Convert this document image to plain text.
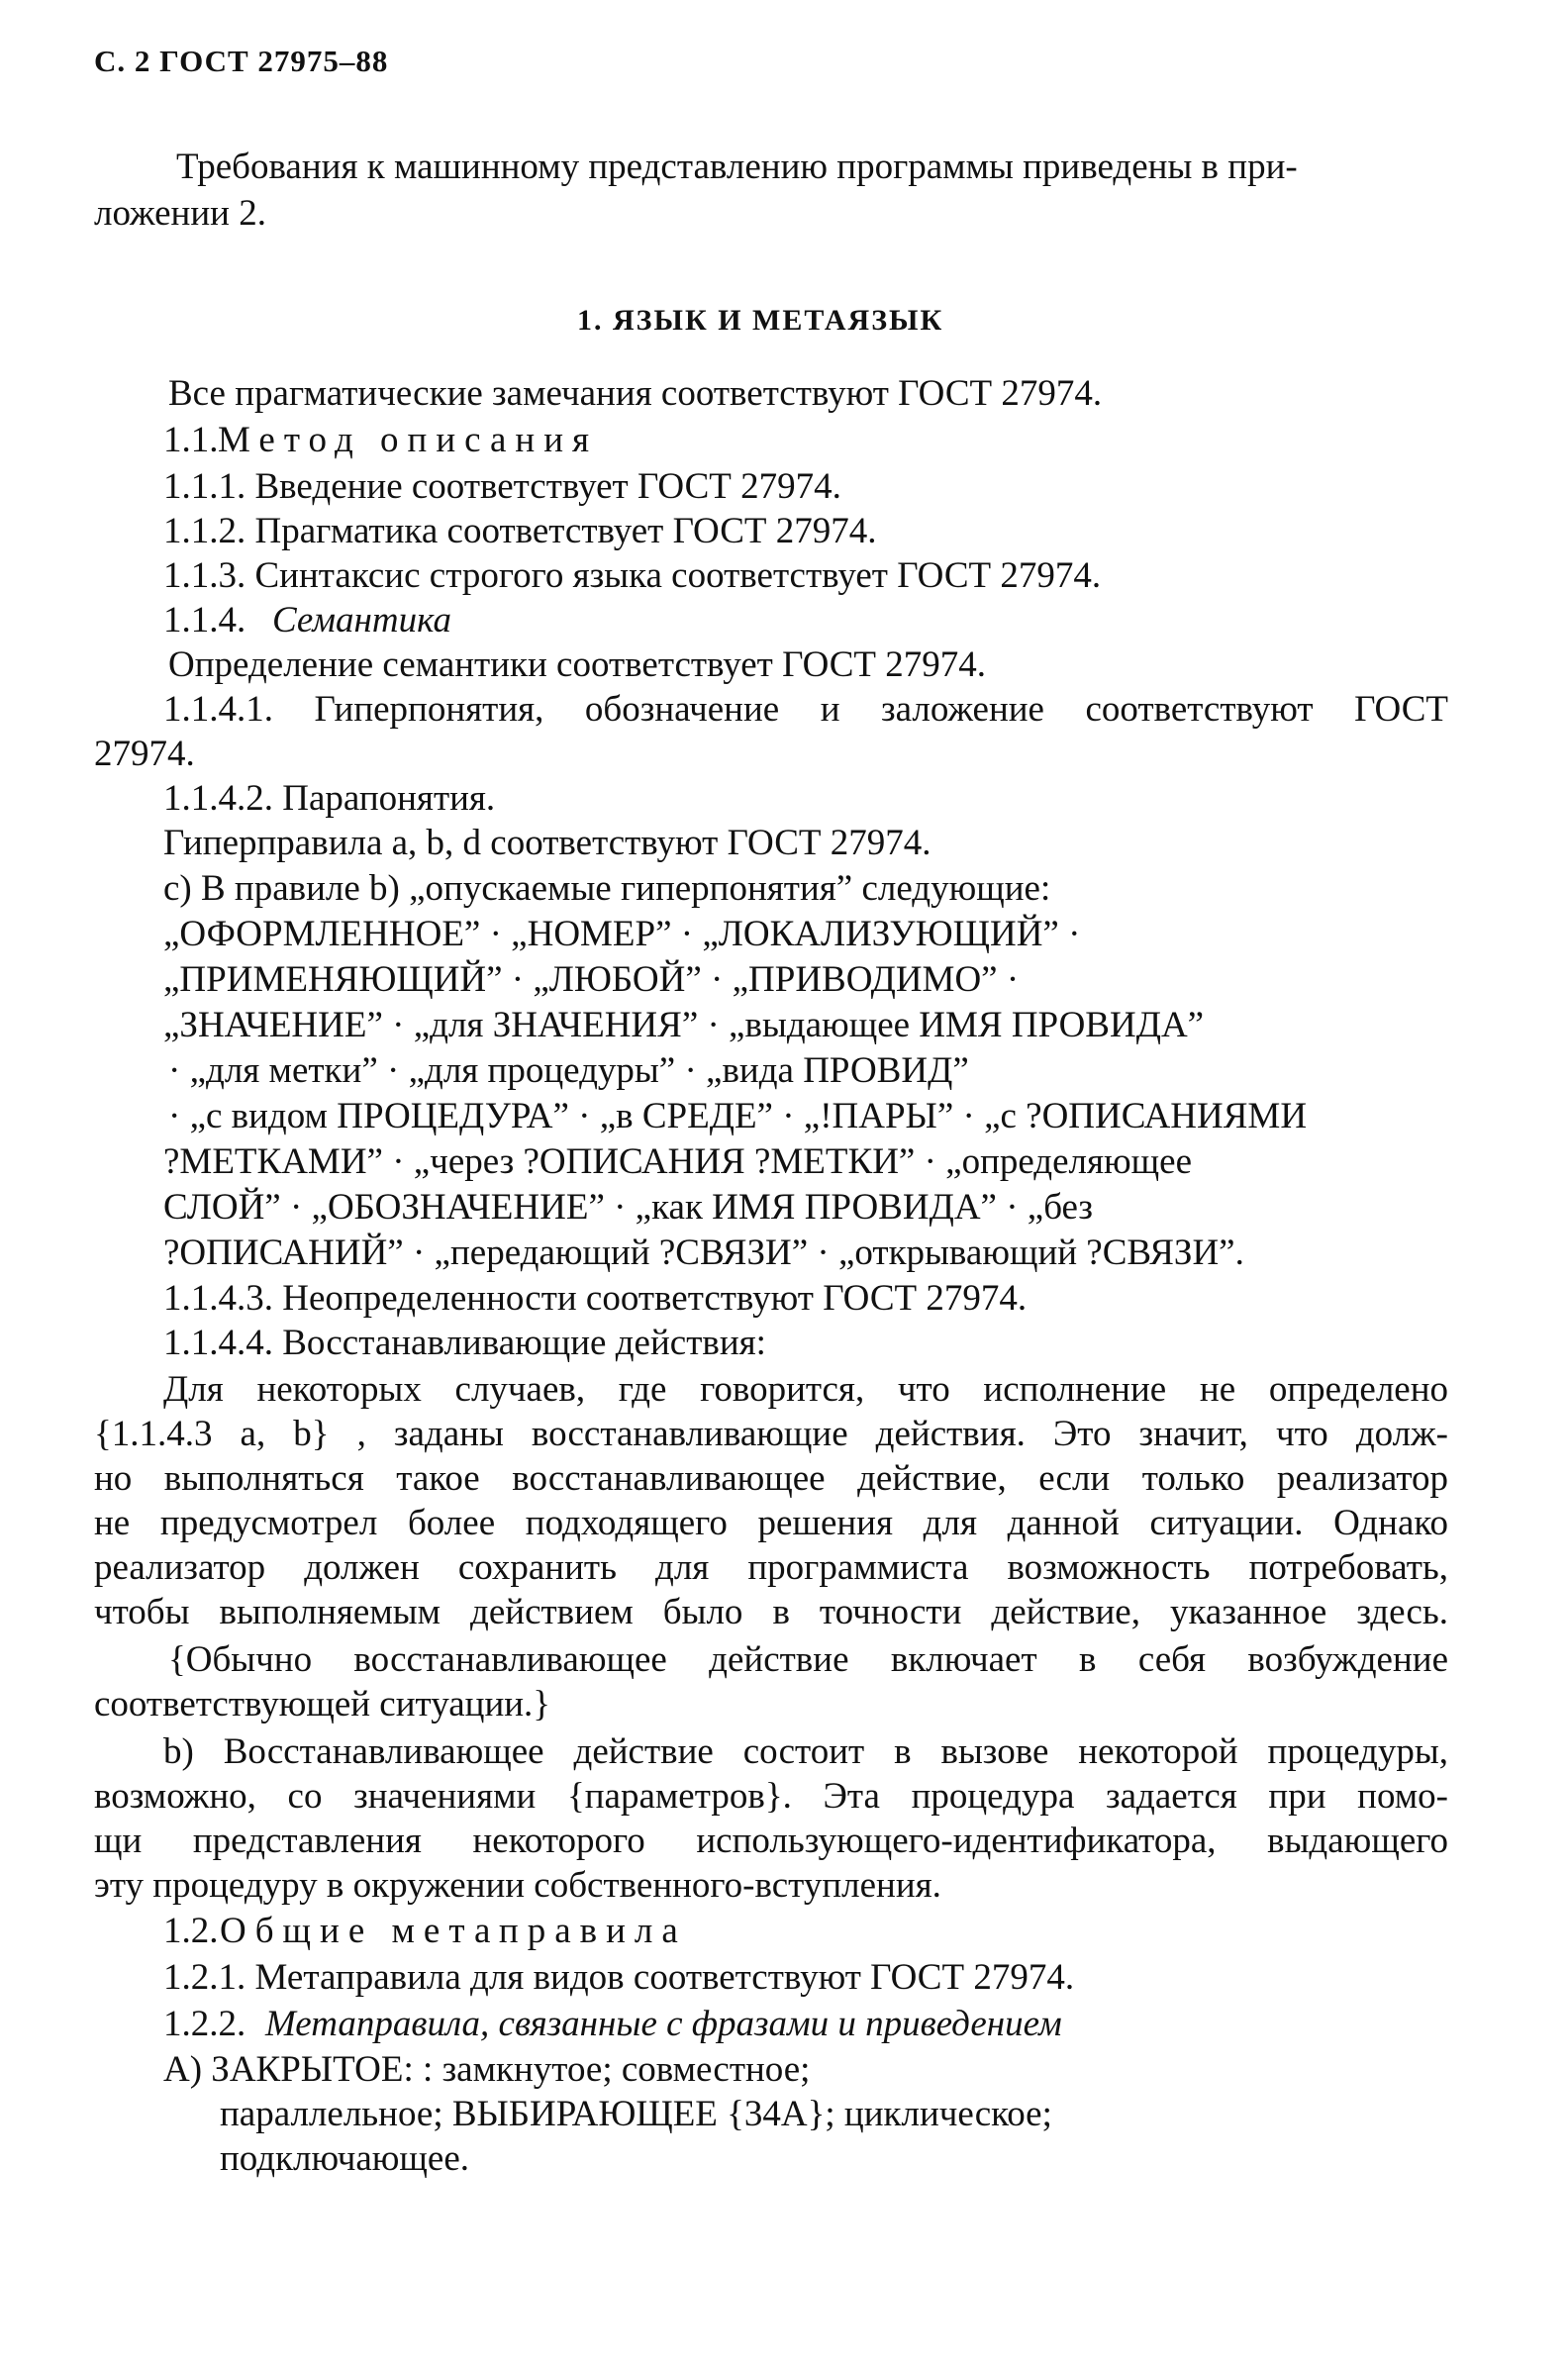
С. 2 ГОСТ 27975–88
Требования к машинному представлению программы приведены в при-
ложении 2.
1. ЯЗЫК И МЕТАЯЗЫК
Все прагматические замечания соответствуют ГОСТ 27974.
1.1. Метод описания
1.1.1. Введение соответствует ГОСТ 27974.
1.1.2. Прагматика соответствует ГОСТ 27974.
1.1.3. Синтаксис строгого языка соответствует ГОСТ 27974.
1.1.4. Семантика
Определение семантики соответствует ГОСТ 27974.
1.1.4.1. Гиперпонятия, обозначение и заложение соответствуют ГОСТ
27974.
1.1.4.2. Парапонятия.
Гиперправила a, b, d соответствуют ГОСТ 27974.
c) В правиле b) „опускаемые гиперпонятия” следующие:
„ОФОРМЛЕННОЕ” · „НОМЕР” · „ЛОКАЛИЗУЮЩИЙ” ·
„ПРИМЕНЯЮЩИЙ” · „ЛЮБОЙ” · „ПРИВОДИМО” ·
„ЗНАЧЕНИЕ” · „для ЗНАЧЕНИЯ” · „выдающее ИМЯ ПРОВИДА”
· „для метки” · „для процедуры” · „вида ПРОВИД”
· „с видом ПРОЦЕДУРА” · „в СРЕДЕ” · „!ПАРЫ” · „с ?ОПИСАНИЯМИ
?МЕТКАМИ” · „через ?ОПИСАНИЯ ?МЕТКИ” · „определяющее
СЛОЙ” · „ОБОЗНАЧЕНИЕ” · „как ИМЯ ПРОВИДА” · „без
?ОПИСАНИЙ” · „передающий ?СВЯЗИ” · „открывающий ?СВЯЗИ”.
1.1.4.3. Неопределенности соответствуют ГОСТ 27974.
1.1.4.4. Восстанавливающие действия:
Для некоторых случаев, где говорится, что исполнение не определено
{1.1.4.3 a, b} , заданы восстанавливающие действия. Это значит, что долж-
но выполняться такое восстанавливающее действие, если только реализатор
не предусмотрел более подходящего решения для данной ситуации. Однако
реализатор должен сохранить для программиста возможность потребовать,
чтобы выполняемым действием было в точности действие, указанное здесь.
{Обычно восстанавливающее действие включает в себя возбуждение
соответствующей ситуации.}
b) Восстанавливающее действие состоит в вызове некоторой процедуры,
возможно, со значениями {параметров}. Эта процедура задается при помо-
щи представления некоторого использующего-идентификатора, выдающего
эту процедуру в окружении собственного-вступления.
1.2. Общие метаправила
1.2.1. Метаправила для видов соответствуют ГОСТ 27974.
1.2.2. Метаправила, связанные с фразами и приведением
А) ЗАКРЫТОЕ: : замкнутое; совместное;
параллельное; ВЫБИРАЮЩЕЕ {34A}; циклическое;
подключающее.
